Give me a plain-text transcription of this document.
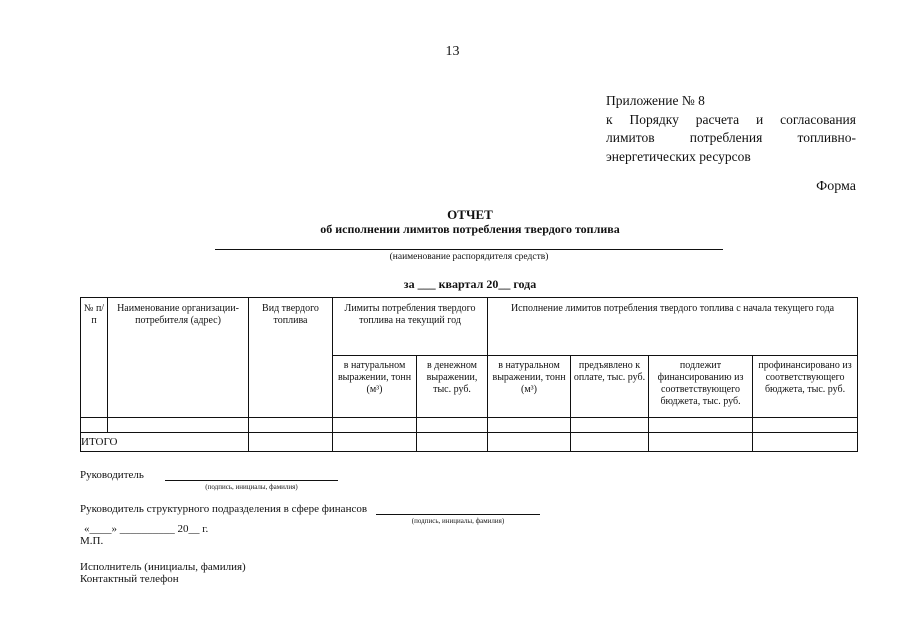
13
Приложение № 8
к Порядку расчета и согласования
лимитов потребления топливно-
энергетических ресурсов
Форма
ОТЧЕТ
об исполнении лимитов потребления твердого топлива
(наименование распорядителя средств)
за ___ квартал 20__ года
№ п/п	Наименование организации-потребителя (адрес)	Вид твердого топлива	Лимиты потребления твердого топлива на текущий год		Исполнение лимитов потребления твердого топлива с начала текущего года			
			в натуральном выражении, тонн (м³)	в денежном выражении, тыс. руб.	в натуральном выражении, тонн (м³)	предъявлено к оплате, тыс. руб.	подлежит финансированию из соответствующего бюджета, тыс. руб.	профинансировано из соответствующего бюджета, тыс. руб.

ИТОГО								
Руководитель
(подпись, инициалы, фамилия)
Руководитель структурного подразделения в сфере финансов
(подпись, инициалы, фамилия)
«____» __________ 20__ г.
М.П.
Исполнитель (инициалы, фамилия)
Контактный телефон
